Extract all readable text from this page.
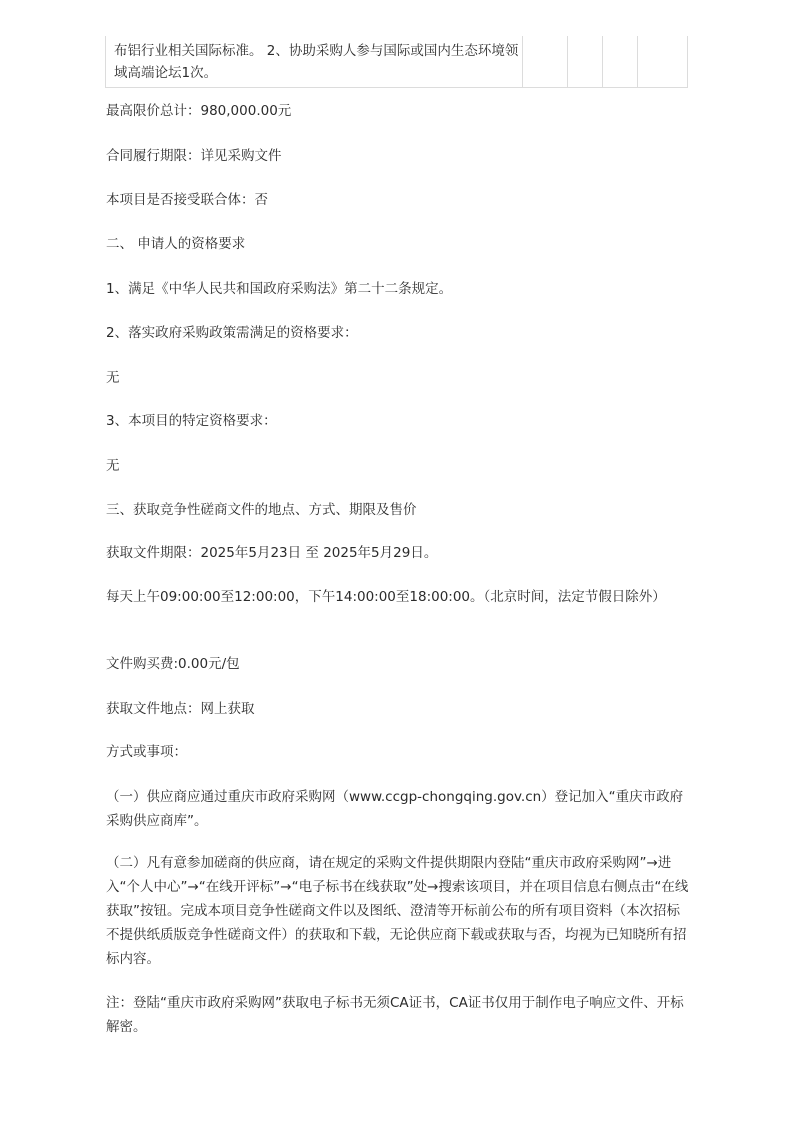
布铝行业相关国际标准。 2、协助采购人参与国际或国内生态环境领域高端论坛1次。
最高限价总计：980,000.00元
合同履行期限：详见采购文件
本项目是否接受联合体：否
二、 申请人的资格要求
1、满足《中华人民共和国政府采购法》第二十二条规定。
2、落实政府采购政策需满足的资格要求：
无
3、本项目的特定资格要求：
无
三、获取竞争性磋商文件的地点、方式、期限及售价
获取文件期限：2025年5月23日 至 2025年5月29日。
每天上午09:00:00至12:00:00，下午14:00:00至18:00:00。（北京时间，法定节假日除外）
文件购买费:0.00元/包
获取文件地点：网上获取
方式或事项：
（一）供应商应通过重庆市政府采购网（www.ccgp-chongqing.gov.cn）登记加入“重庆市政府采购供应商库”。
（二）凡有意参加磋商的供应商，请在规定的采购文件提供期限内登陆“重庆市政府采购网”→进入“个人中心”→“在线开评标”→“电子标书在线获取”处→搜索该项目，并在项目信息右侧点击“在线获取”按钮。完成本项目竞争性磋商文件以及图纸、澄清等开标前公布的所有项目资料（本次招标不提供纸质版竞争性磋商文件）的获取和下载，无论供应商下载或获取与否，均视为已知晓所有招标内容。
注：登陆“重庆市政府采购网”获取电子标书无须CA证书，CA证书仅用于制作电子响应文件、开标解密。
